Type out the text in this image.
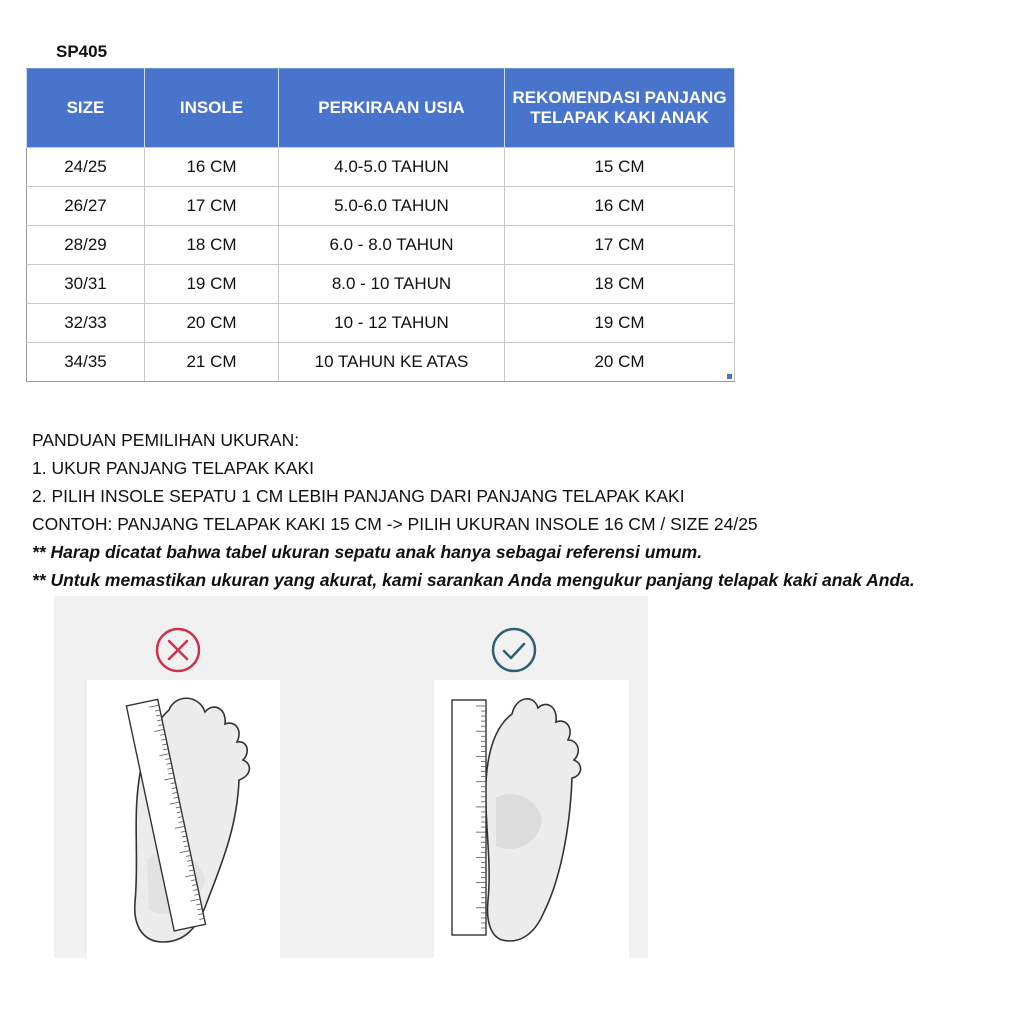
SP405
SIZE	INSOLE	PERKIRAAN USIA	REKOMENDASI PANJANG TELAPAK KAKI ANAK
24/25	16 CM	4.0-5.0 TAHUN	15 CM
26/27	17 CM	5.0-6.0 TAHUN	16 CM
28/29	18 CM	6.0 - 8.0 TAHUN	17 CM
30/31	19 CM	8.0 - 10 TAHUN	18 CM
32/33	20 CM	10 - 12 TAHUN	19 CM
34/35	21 CM	10 TAHUN KE ATAS	20 CM
PANDUAN PEMILIHAN UKURAN:
1. UKUR PANJANG TELAPAK KAKI
2. PILIH INSOLE SEPATU 1 CM LEBIH PANJANG DARI PANJANG TELAPAK KAKI
CONTOH: PANJANG TELAPAK KAKI 15 CM -> PILIH UKURAN INSOLE 16 CM / SIZE 24/25
** Harap dicatat bahwa tabel ukuran sepatu anak hanya sebagai referensi umum.
** Untuk memastikan ukuran yang akurat, kami sarankan Anda mengukur panjang telapak kaki anak Anda.
